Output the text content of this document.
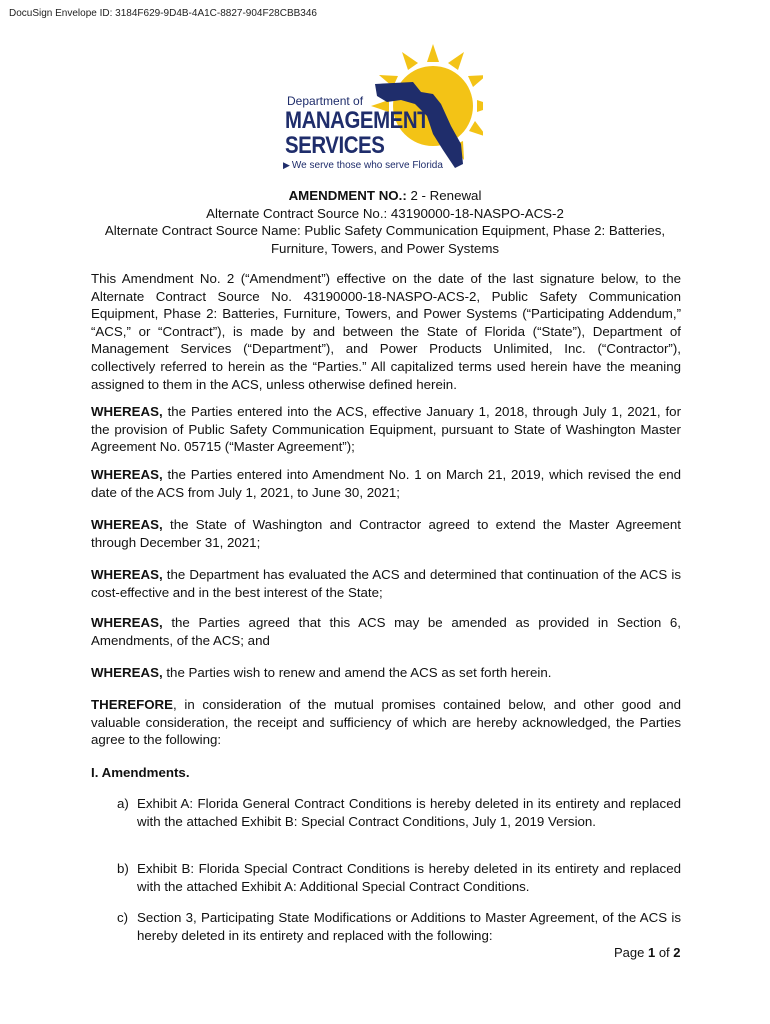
DocuSign Envelope ID: 3184F629-9D4B-4A1C-8827-904F28CBB346
Department of
MANAGEMENT
SERVICES
▶ We serve those who serve Florida
AMENDMENT NO.: 2 - Renewal
Alternate Contract Source No.: 43190000-18-NASPO-ACS-2
Alternate Contract Source Name: Public Safety Communication Equipment, Phase 2: Batteries,
Furniture, Towers, and Power Systems

This Amendment No. 2 (“Amendment”) effective on the date of the last signature below, to the Alternate Contract Source No. 43190000-18-NASPO-ACS-2, Public Safety Communication Equipment, Phase 2: Batteries, Furniture, Towers, and Power Systems (“Participating Addendum,” “ACS,” or “Contract”), is made by and between the State of Florida (“State”), Department of Management Services (“Department”), and Power Products Unlimited, Inc. (“Contractor”), collectively referred to herein as the “Parties.” All capitalized terms used herein have the meaning assigned to them in the ACS, unless otherwise defined herein.

WHEREAS, the Parties entered into the ACS, effective January 1, 2018, through July 1, 2021, for the provision of Public Safety Communication Equipment, pursuant to State of Washington Master Agreement No. 05715 (“Master Agreement”);

WHEREAS, the Parties entered into Amendment No. 1 on March 21, 2019, which revised the end date of the ACS from July 1, 2021, to June 30, 2021;

WHEREAS, the State of Washington and Contractor agreed to extend the Master Agreement through December 31, 2021;

WHEREAS, the Department has evaluated the ACS and determined that continuation of the ACS is cost-effective and in the best interest of the State;

WHEREAS, the Parties agreed that this ACS may be amended as provided in Section 6, Amendments, of the ACS; and

WHEREAS, the Parties wish to renew and amend the ACS as set forth herein.

THEREFORE, in consideration of the mutual promises contained below, and other good and valuable consideration, the receipt and sufficiency of which are hereby acknowledged, the Parties agree to the following:

I. Amendments.

a) Exhibit A: Florida General Contract Conditions is hereby deleted in its entirety and replaced with the attached Exhibit B: Special Contract Conditions, July 1, 2019 Version.
b) Exhibit B: Florida Special Contract Conditions is hereby deleted in its entirety and replaced with the attached Exhibit A: Additional Special Contract Conditions.
c) Section 3, Participating State Modifications or Additions to Master Agreement, of the ACS is hereby deleted in its entirety and replaced with the following:
Page 1 of 2
